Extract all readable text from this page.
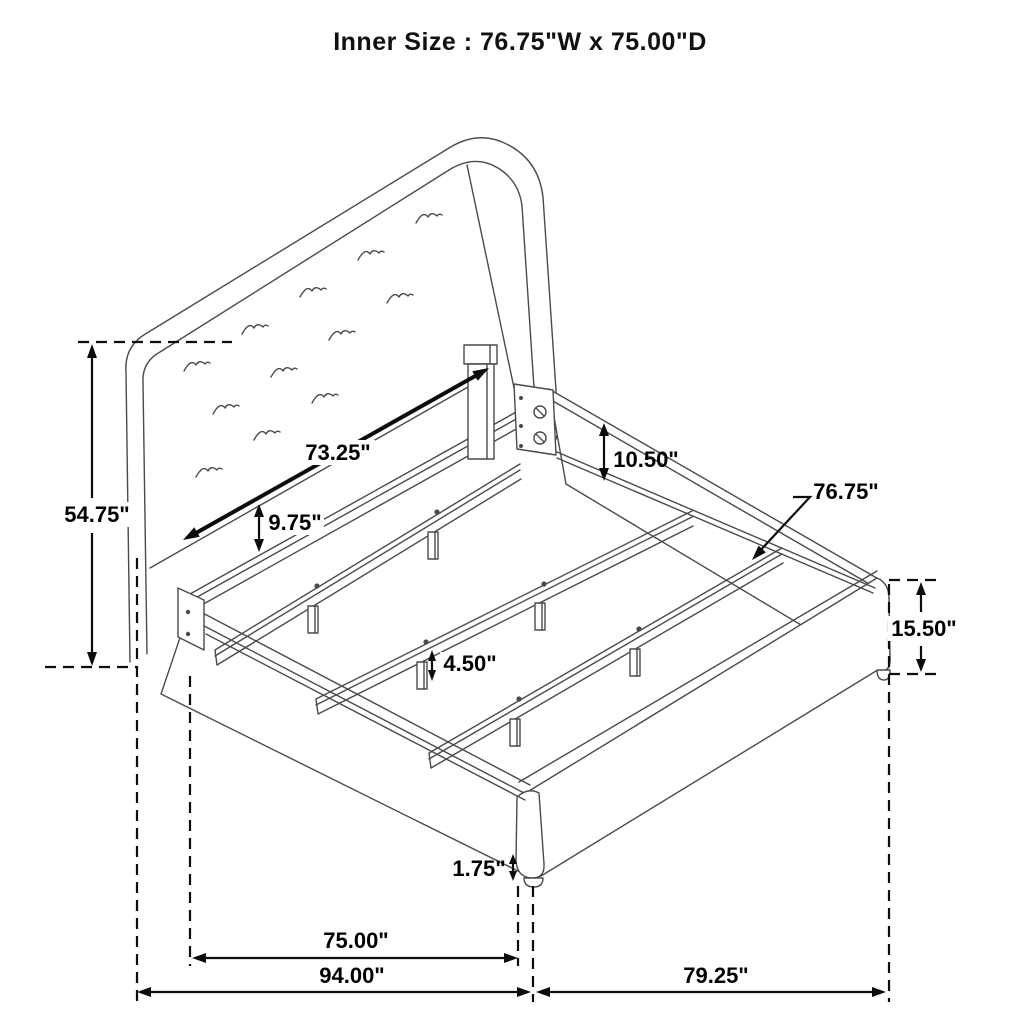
54.75"
73.25"
9.75"
10.50"
76.75"
15.50"
4.50"
1.75"
75.00"
94.00"	79.25"
Inner Size : 76.75"W x 75.00"D
